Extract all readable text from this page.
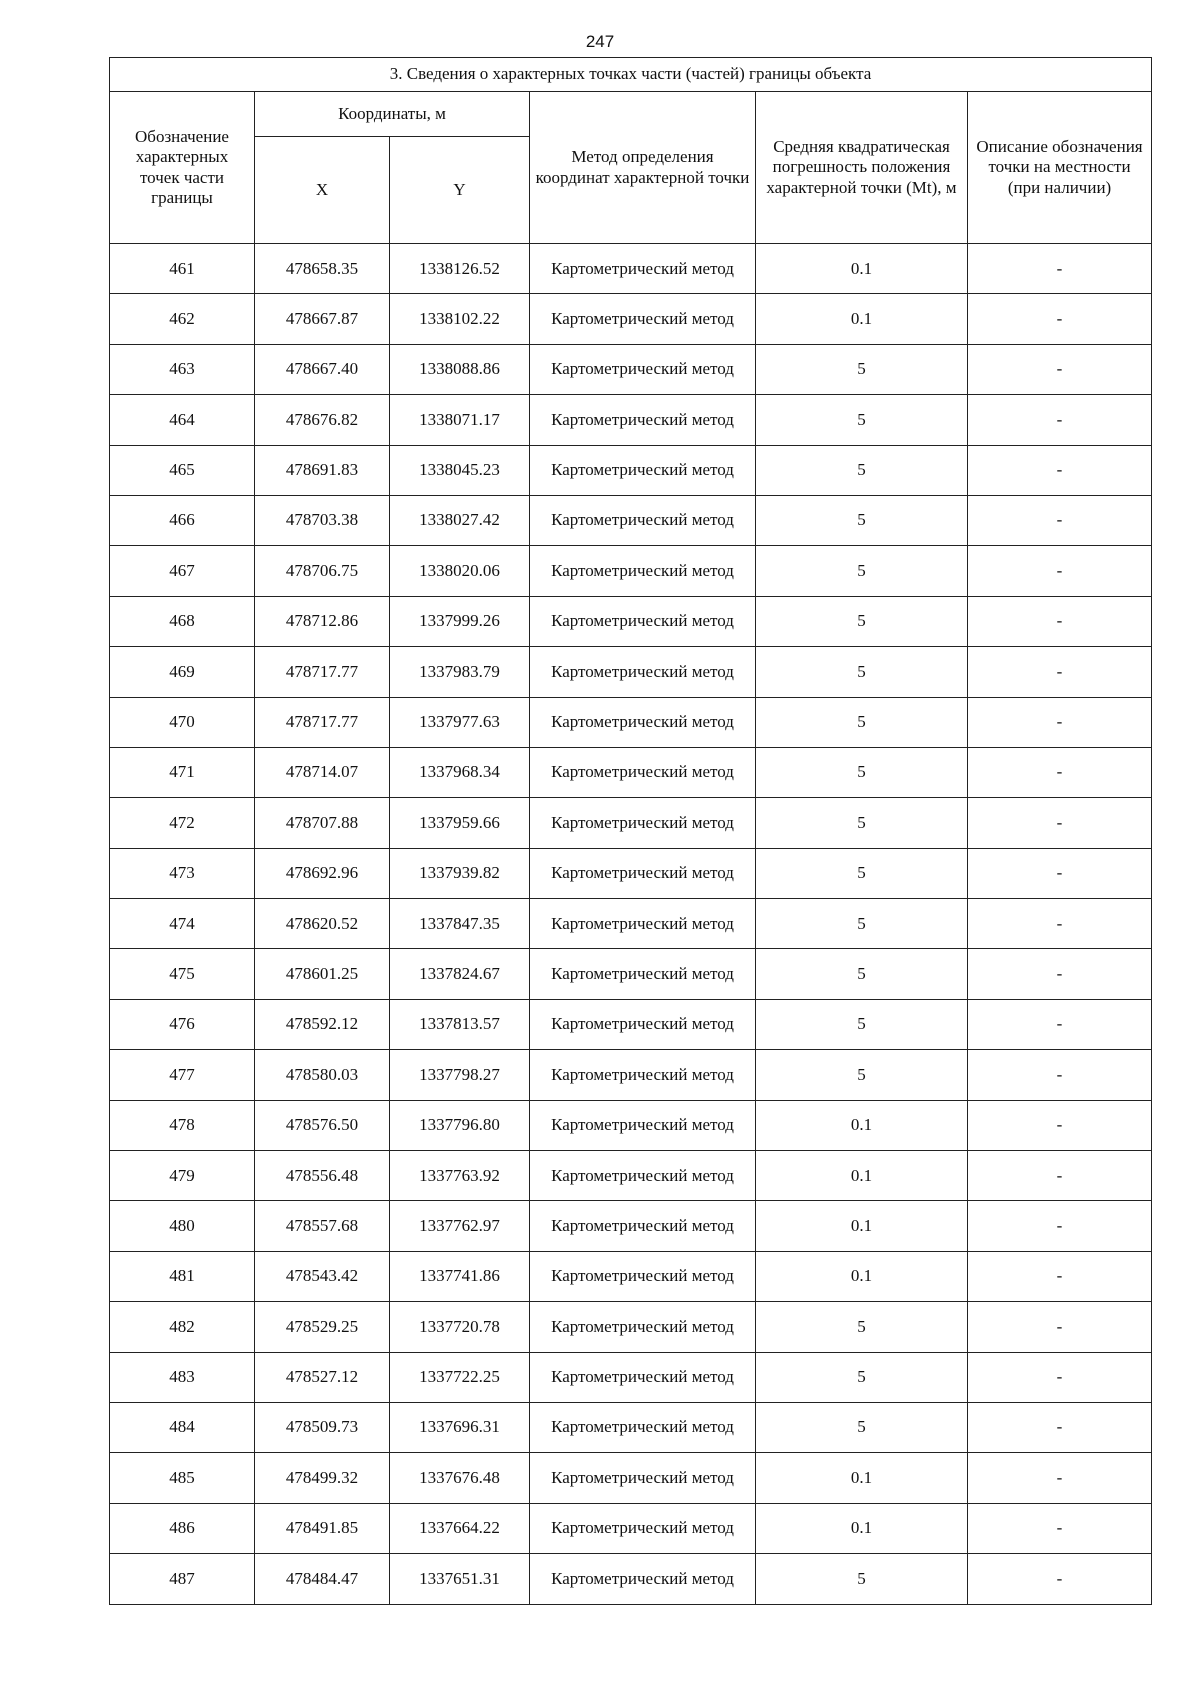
247
3. Сведения о характерных точках части (частей) границы объекта					
Обозначение характерных точек части границы	Координаты, м		Метод определения координат характерной точки	Средняя квадратическая погрешность положения характерной точки (Mt), м	Описание обозначения точки на местности (при наличии)
	X	Y			
461	478658.35	1338126.52	Картометрический метод	0.1	-
462	478667.87	1338102.22	Картометрический метод	0.1	-
463	478667.40	1338088.86	Картометрический метод	5	-
464	478676.82	1338071.17	Картометрический метод	5	-
465	478691.83	1338045.23	Картометрический метод	5	-
466	478703.38	1338027.42	Картометрический метод	5	-
467	478706.75	1338020.06	Картометрический метод	5	-
468	478712.86	1337999.26	Картометрический метод	5	-
469	478717.77	1337983.79	Картометрический метод	5	-
470	478717.77	1337977.63	Картометрический метод	5	-
471	478714.07	1337968.34	Картометрический метод	5	-
472	478707.88	1337959.66	Картометрический метод	5	-
473	478692.96	1337939.82	Картометрический метод	5	-
474	478620.52	1337847.35	Картометрический метод	5	-
475	478601.25	1337824.67	Картометрический метод	5	-
476	478592.12	1337813.57	Картометрический метод	5	-
477	478580.03	1337798.27	Картометрический метод	5	-
478	478576.50	1337796.80	Картометрический метод	0.1	-
479	478556.48	1337763.92	Картометрический метод	0.1	-
480	478557.68	1337762.97	Картометрический метод	0.1	-
481	478543.42	1337741.86	Картометрический метод	0.1	-
482	478529.25	1337720.78	Картометрический метод	5	-
483	478527.12	1337722.25	Картометрический метод	5	-
484	478509.73	1337696.31	Картометрический метод	5	-
485	478499.32	1337676.48	Картометрический метод	0.1	-
486	478491.85	1337664.22	Картометрический метод	0.1	-
487	478484.47	1337651.31	Картометрический метод	5	-
